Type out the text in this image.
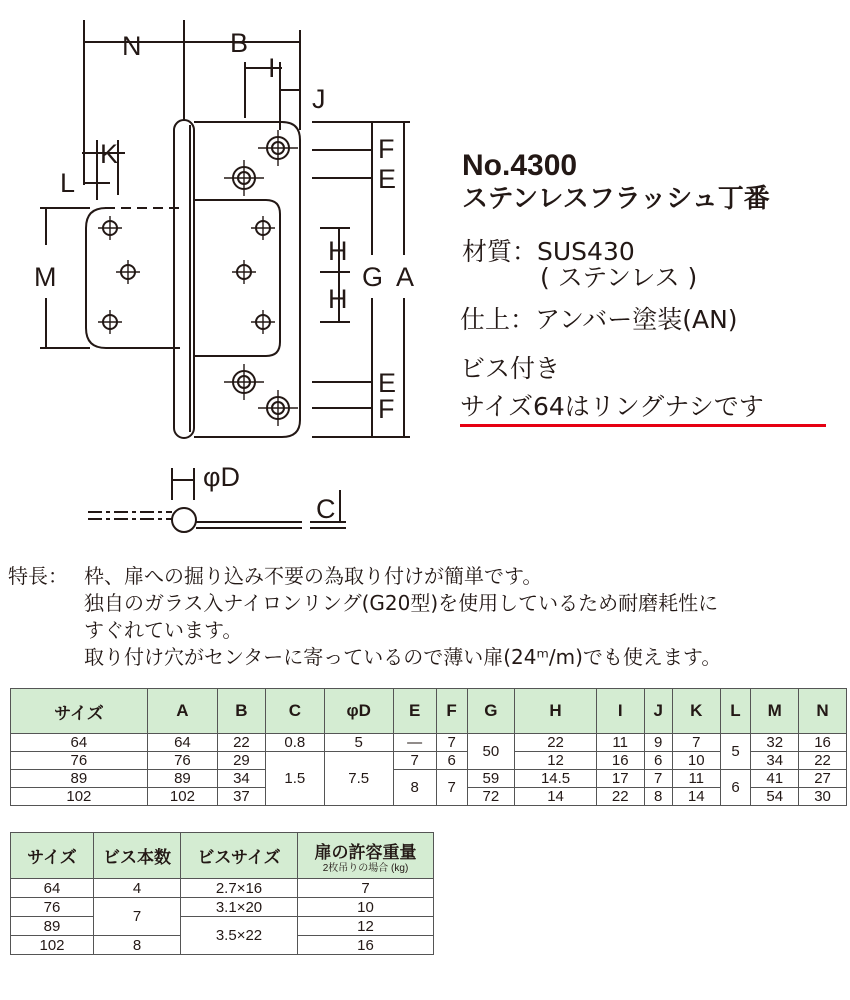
N	B
I
J
K
L
M
F
E
H
H
G A
E
F
φD
C
No.4300
ステンレスフラッシュ丁番
材質：SUS430
( ステンレス )
仕上：アンバー塗装(AN)
ビス付き
サイズ64はリングナシです
特長： 枠、扉への掘り込み不要の為取り付けが簡単です。
独自のガラス入ナイロンリング(G20型)を使用しているため耐磨耗性に
すぐれています。
取り付け穴がセンターに寄っているので薄い扉(24ᵐ/m)でも使えます。
サイズ	A	B	C	φD	E	F	G	H	I	J	K	L	M	N
64	64	22	0.8	5	—	7	50	22	11	9	7	5	32	16
76	76	29	1.5	7.5	7	6		12	16	6	10		34	22
89	89	34			8	7	59	14.5	17	7	11	6	41	27
102	102	37					72	14	22	8	14		54	30
サイズ	ビス本数	ビスサイズ	扉の許容重量
2枚吊りの場合 (kg)

64	4	2.7×16	7
76	7	3.1×20	10
89		3.5×22	12
102	8		16
